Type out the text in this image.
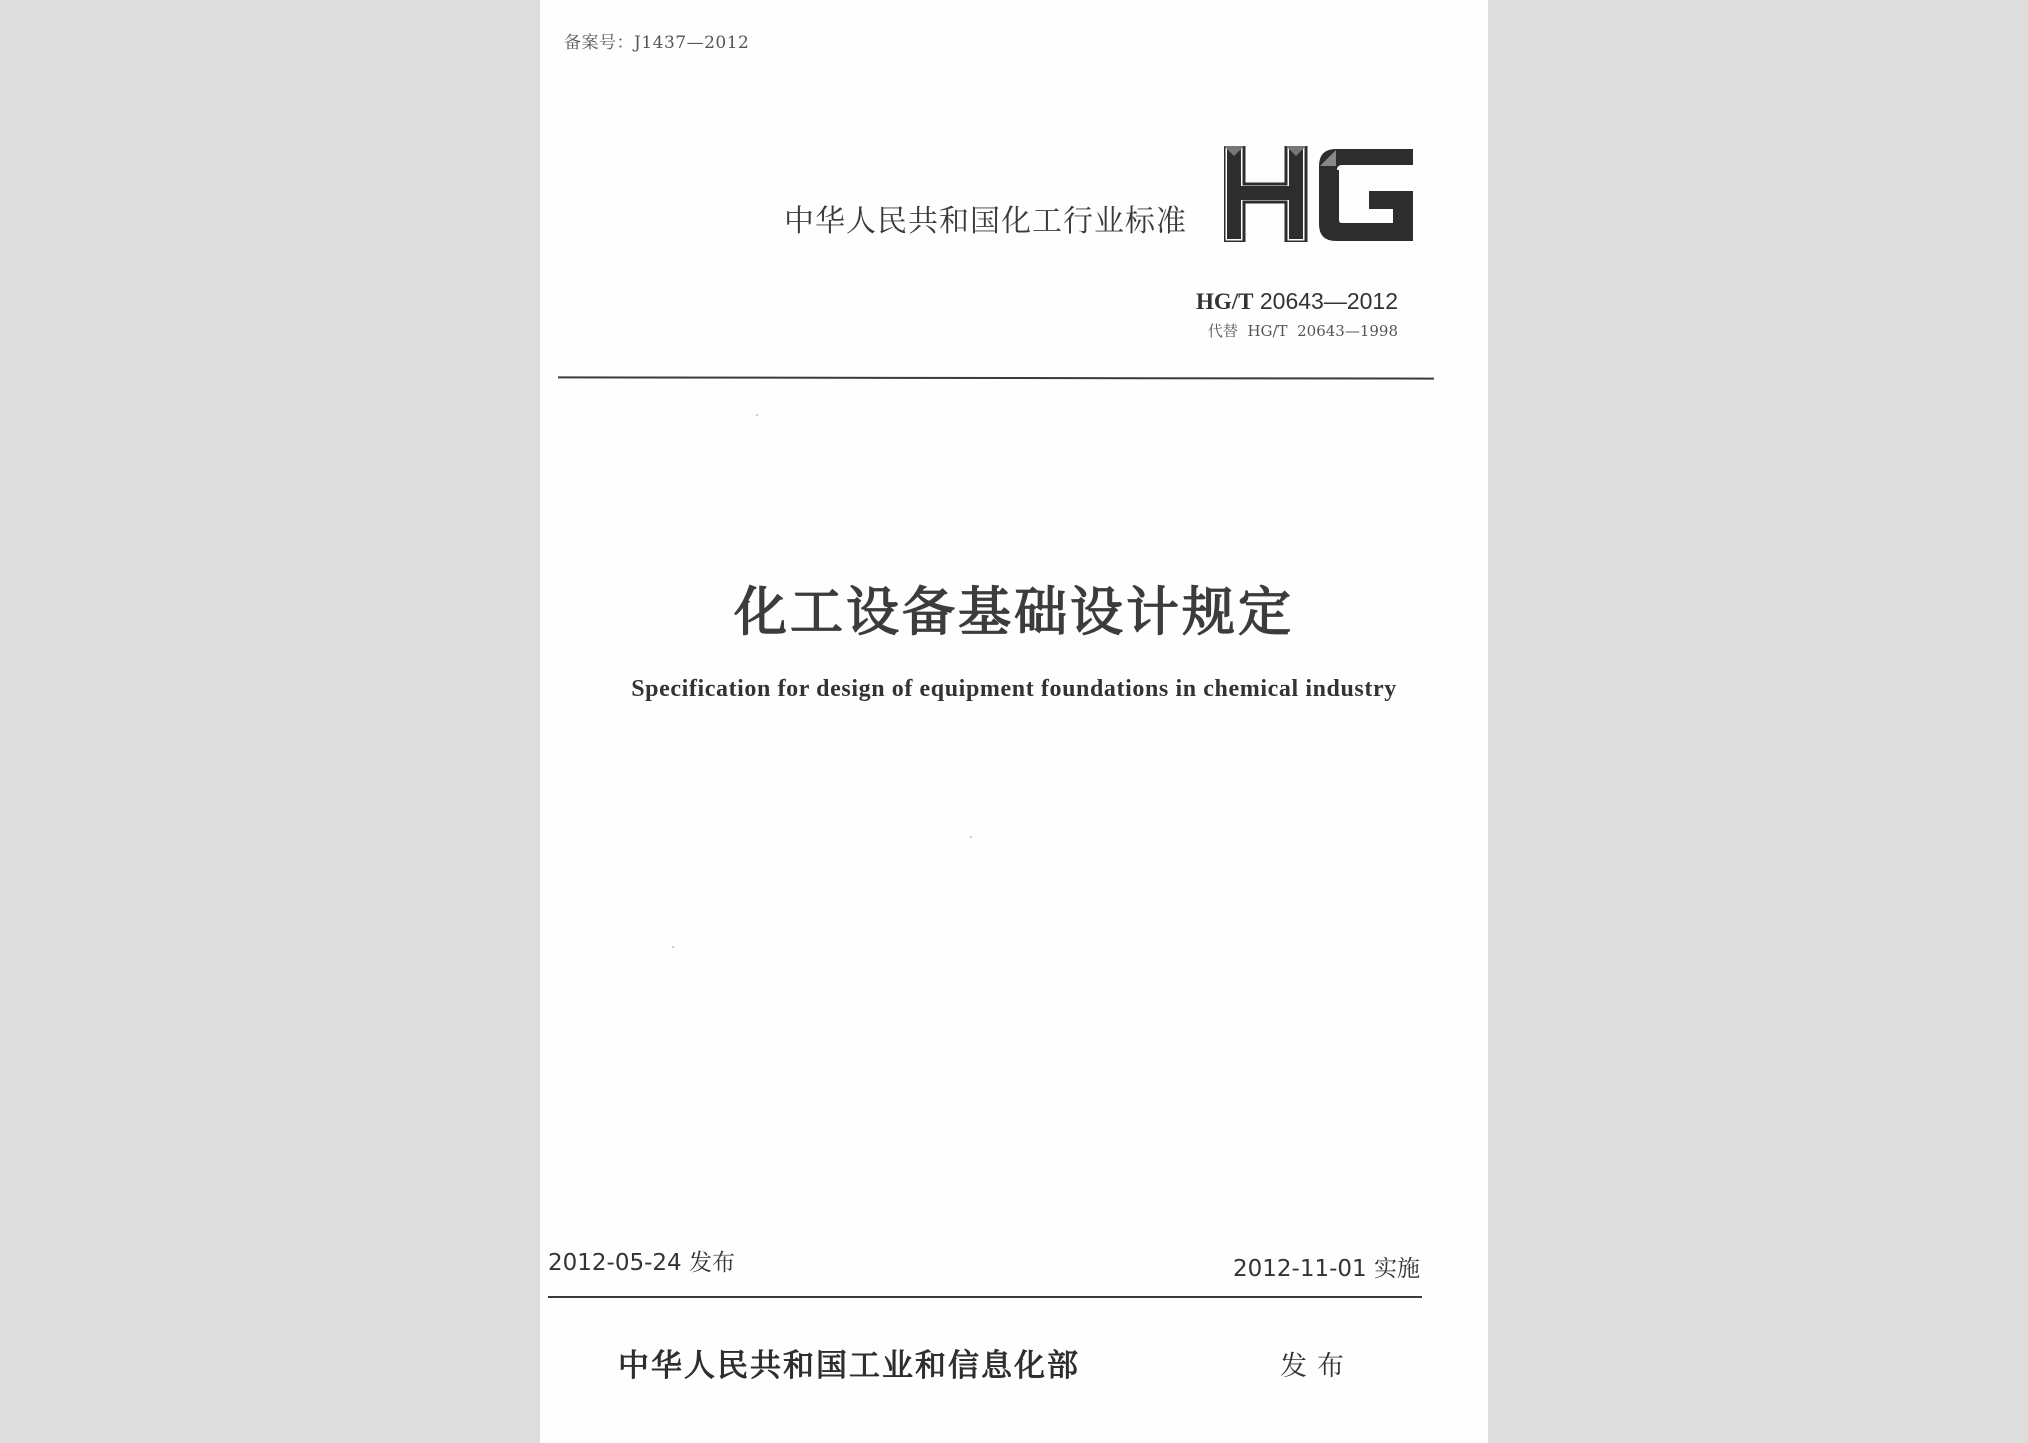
备案号：J1437—2012
中华人民共和国化工行业标准
HG/T 20643—2012
代替  HG/T  20643—1998
化工设备基础设计规定
Specification for design of equipment foundations in chemical industry
2012-05-24 发布	2012-11-01 实施
中华人民共和国工业和信息化部	发布
